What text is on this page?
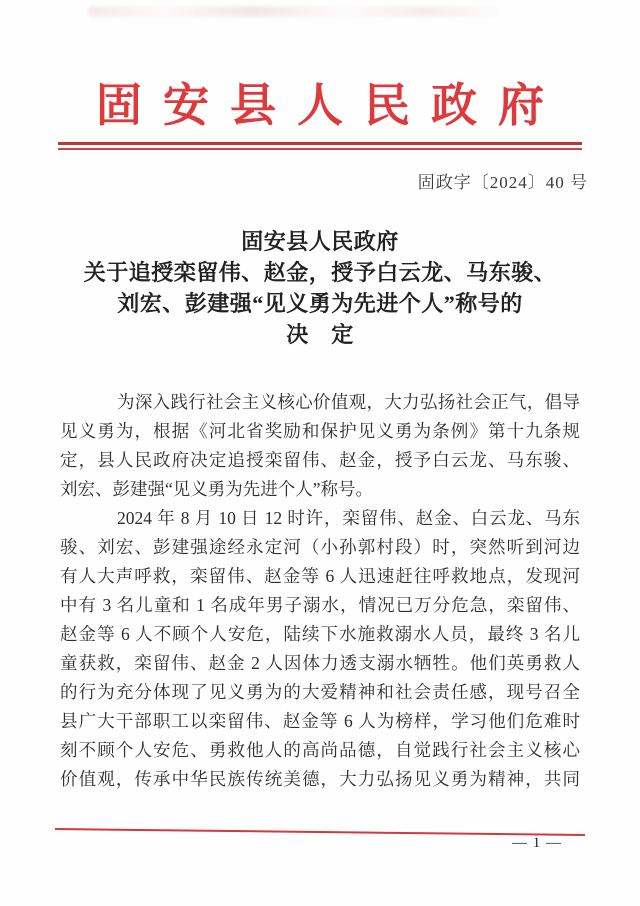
固安县人民政府
固政字〔2024〕40 号
固安县人民政府
关于追授栾留伟、赵金，授予白云龙、马东骏、
刘宏、彭建强“见义勇为先进个人”称号的
决　定
为深入践行社会主义核心价值观，大力弘扬社会正气，倡导
见义勇为，根据《河北省奖励和保护见义勇为条例》第十九条规
定，县人民政府决定追授栾留伟、赵金，授予白云龙、马东骏、
刘宏、彭建强“见义勇为先进个人”称号。
2024 年 8 月 10 日 12 时许，栾留伟、赵金、白云龙、马东
骏、刘宏、彭建强途经永定河（小孙郭村段）时，突然听到河边
有人大声呼救，栾留伟、赵金等 6 人迅速赶往呼救地点，发现河
中有 3 名儿童和 1 名成年男子溺水，情况已万分危急，栾留伟、
赵金等 6 人不顾个人安危，陆续下水施救溺水人员，最终 3 名儿
童获救，栾留伟、赵金 2 人因体力透支溺水牺牲。他们英勇救人
的行为充分体现了见义勇为的大爱精神和社会责任感，现号召全
县广大干部职工以栾留伟、赵金等 6 人为榜样，学习他们危难时
刻不顾个人安危、勇救他人的高尚品德，自觉践行社会主义核心
价值观，传承中华民族传统美德，大力弘扬见义勇为精神，共同
— 1 —
